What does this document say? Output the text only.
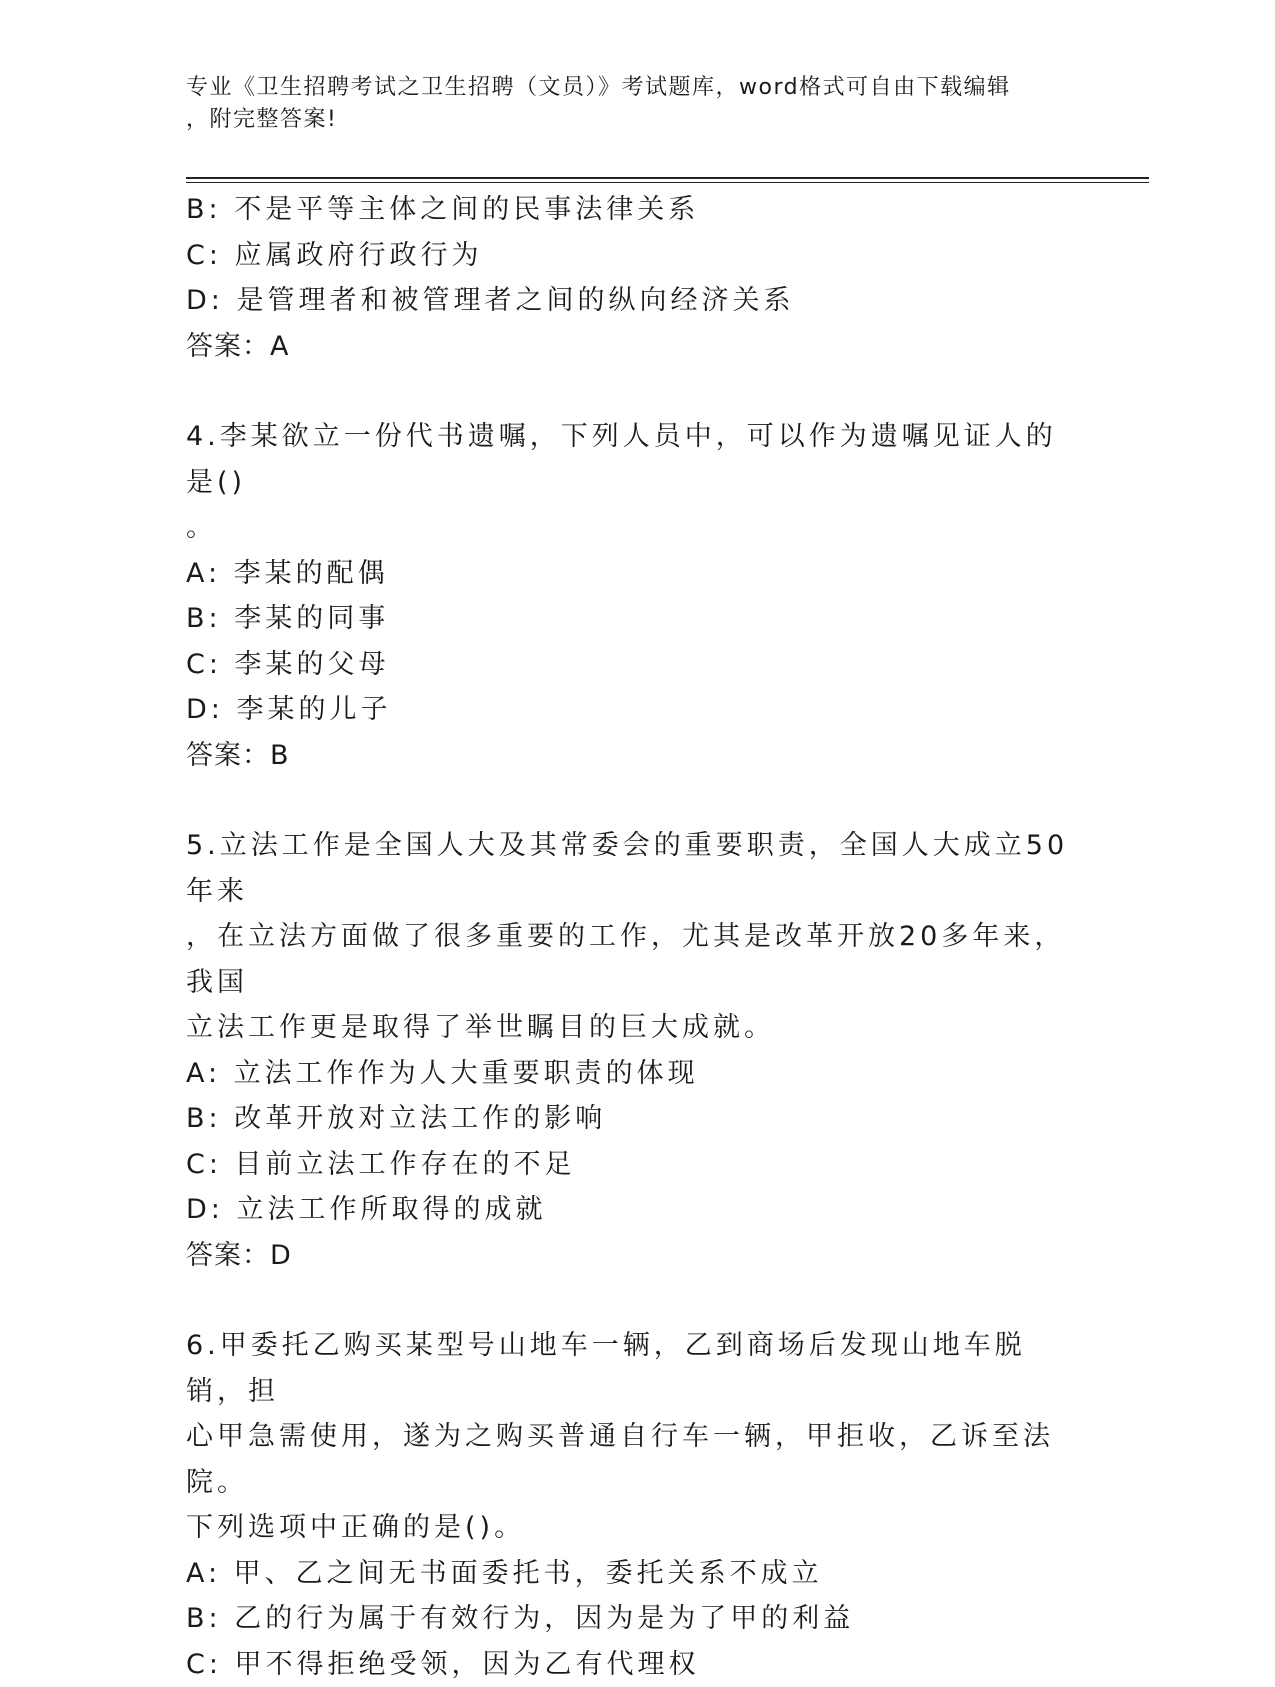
专业《卫生招聘考试之卫生招聘（文员）》考试题库，word格式可自由下载编辑
，附完整答案!
B: 不是平等主体之间的民事法律关系
C: 应属政府行政行为
D: 是管理者和被管理者之间的纵向经济关系
答案：A
4.李某欲立一份代书遗嘱，下列人员中，可以作为遗嘱见证人的是()
。
A: 李某的配偶
B: 李某的同事
C: 李某的父母
D: 李某的儿子
答案：B
5.立法工作是全国人大及其常委会的重要职责，全国人大成立50年来
，在立法方面做了很多重要的工作，尤其是改革开放20多年来，我国
立法工作更是取得了举世瞩目的巨大成就。
A: 立法工作作为人大重要职责的体现
B: 改革开放对立法工作的影响
C: 目前立法工作存在的不足
D: 立法工作所取得的成就
答案：D
6.甲委托乙购买某型号山地车一辆，乙到商场后发现山地车脱销，担
心甲急需使用，遂为之购买普通自行车一辆，甲拒收，乙诉至法院。
下列选项中正确的是()。
A: 甲、乙之间无书面委托书，委托关系不成立
B: 乙的行为属于有效行为，因为是为了甲的利益
C: 甲不得拒绝受领，因为乙有代理权
